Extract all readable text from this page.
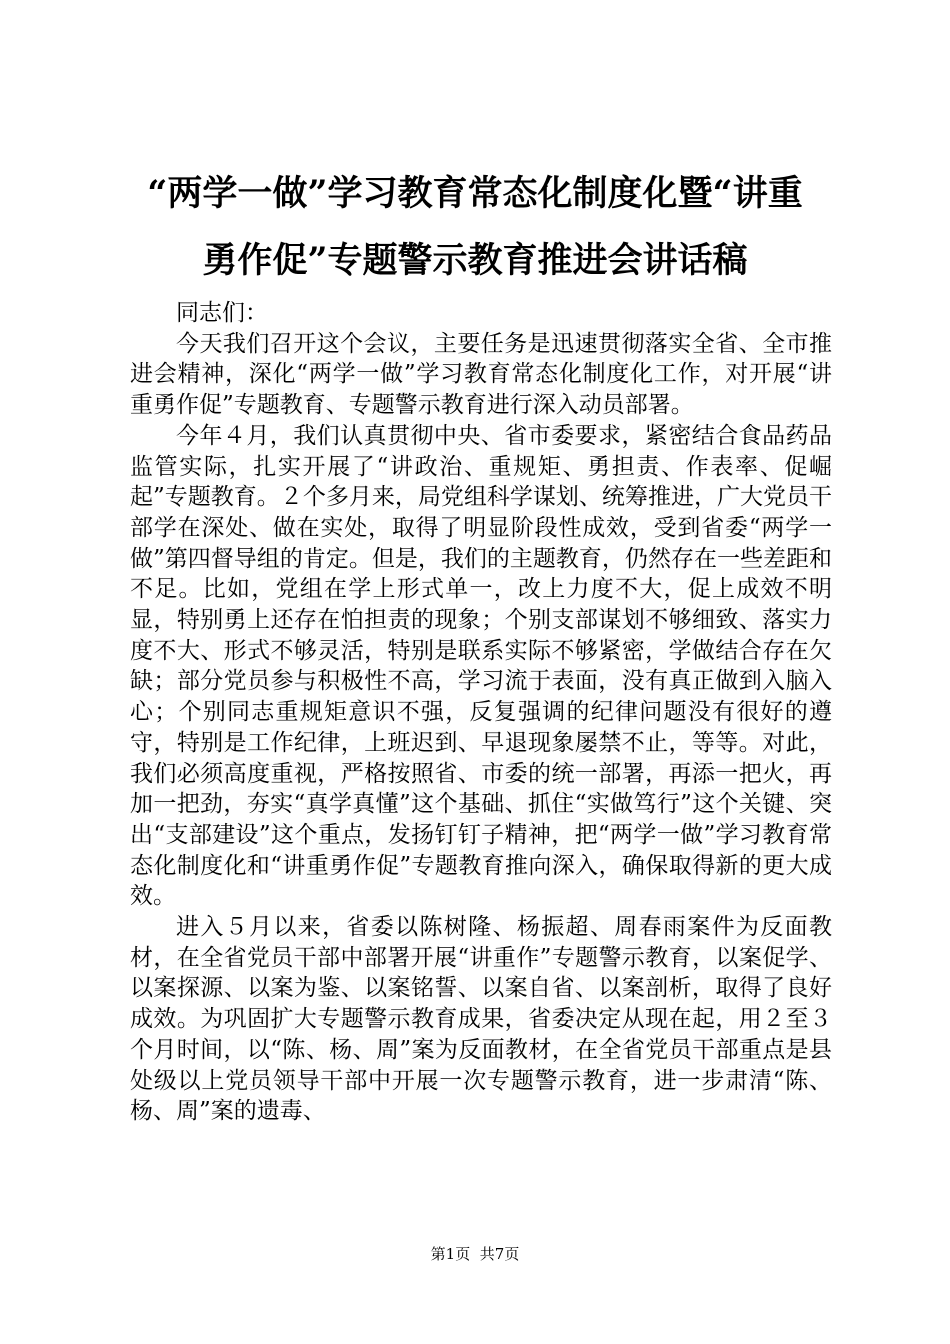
“两学一做”学习教育常态化制度化暨“讲重
勇作促”专题警示教育推进会讲话稿

同志们：

今天我们召开这个会议，主要任务是迅速贯彻落实全省、全市推进会精神，深化“两学一做”学习教育常态化制度化工作，对开展“讲重勇作促”专题教育、专题警示教育进行深入动员部署。

今年４月，我们认真贯彻中央、省市委要求，紧密结合食品药品监管实际，扎实开展了“讲政治、重规矩、勇担责、作表率、促崛起”专题教育。２个多月来，局党组科学谋划、统筹推进，广大党员干部学在深处、做在实处，取得了明显阶段性成效，受到省委“两学一做”第四督导组的肯定。但是，我们的主题教育，仍然存在一些差距和不足。比如，党组在学上形式单一，改上力度不大，促上成效不明显，特别勇上还存在怕担责的现象；个别支部谋划不够细致、落实力度不大、形式不够灵活，特别是联系实际不够紧密，学做结合存在欠缺；部分党员参与积极性不高，学习流于表面，没有真正做到入脑入心；个别同志重规矩意识不强，反复强调的纪律问题没有很好的遵守，特别是工作纪律，上班迟到、早退现象屡禁不止，等等。对此，我们必须高度重视，严格按照省、市委的统一部署，再添一把火，再加一把劲，夯实“真学真懂”这个基础、抓住“实做笃行”这个关键、突出“支部建设”这个重点，发扬钉钉子精神，把“两学一做”学习教育常态化制度化和“讲重勇作促”专题教育推向深入，确保取得新的更大成效。

进入５月以来，省委以陈树隆、杨振超、周春雨案件为反面教材，在全省党员干部中部署开展“讲重作”专题警示教育，以案促学、以案探源、以案为鉴、以案铭誓、以案自省、以案剖析，取得了良好成效。为巩固扩大专题警示教育成果，省委决定从现在起，用２至３个月时间，以“陈、杨、周”案为反面教材，在全省党员干部重点是县处级以上党员领导干部中开展一次专题警示教育，进一步肃清“陈、杨、周”案的遗毒、

第1页  共7页
